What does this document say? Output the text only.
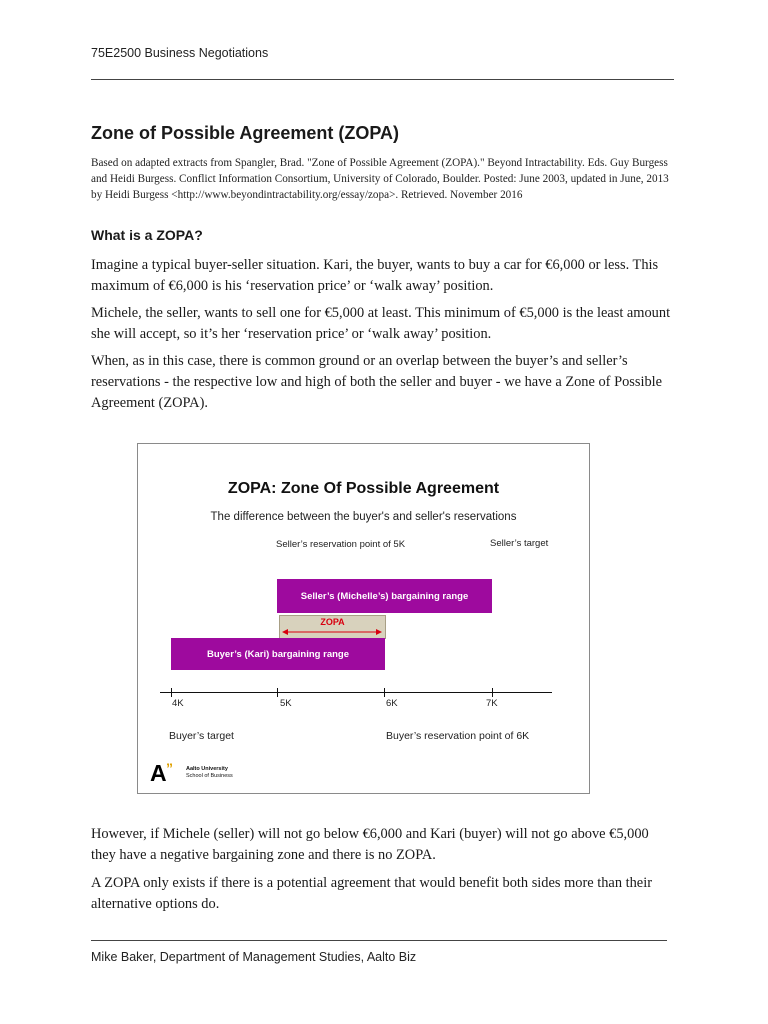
75E2500 Business Negotiations
Zone of Possible Agreement (ZOPA)

Based on adapted extracts from Spangler, Brad. "Zone of Possible Agreement (ZOPA)." Beyond Intractability. Eds. Guy Burgess and Heidi Burgess. Conflict Information Consortium, University of Colorado, Boulder. Posted: June 2003, updated in June, 2013 by Heidi Burgess <http://www.beyondintractability.org/essay/zopa>. Retrieved. November 2016

What is a ZOPA?

Imagine a typical buyer-seller situation. Kari, the buyer, wants to buy a car for €6,000 or less. This maximum of €6,000 is his ‘reservation price’ or ‘walk away’ position.

Michele, the seller, wants to sell one for €5,000 at least. This minimum of €5,000 is the least amount she will accept, so it’s her ‘reservation price’ or ‘walk away’ position.

When, as in this case, there is common ground or an overlap between the buyer’s and seller’s reservations - the respective low and high of both the seller and buyer - we have a Zone of Possible Agreement (ZOPA).

ZOPA: Zone Of Possible Agreement
The difference between the buyer's and seller's reservations
Seller’s reservation point of 5K	Seller’s target
Seller’s (Michelle’s) bargaining range
ZOPA
Buyer’s (Kari) bargaining range
4K	5K	6K	7K
Buyer’s target	Buyer’s reservation point of 6K
A ” Aalto University
School of Business

However, if Michele (seller) will not go below €6,000 and Kari (buyer) will not go above €5,000 they have a negative bargaining zone and there is no ZOPA.

A ZOPA only exists if there is a potential agreement that would benefit both sides more than their alternative options do.

Mike Baker, Department of Management Studies, Aalto Biz
